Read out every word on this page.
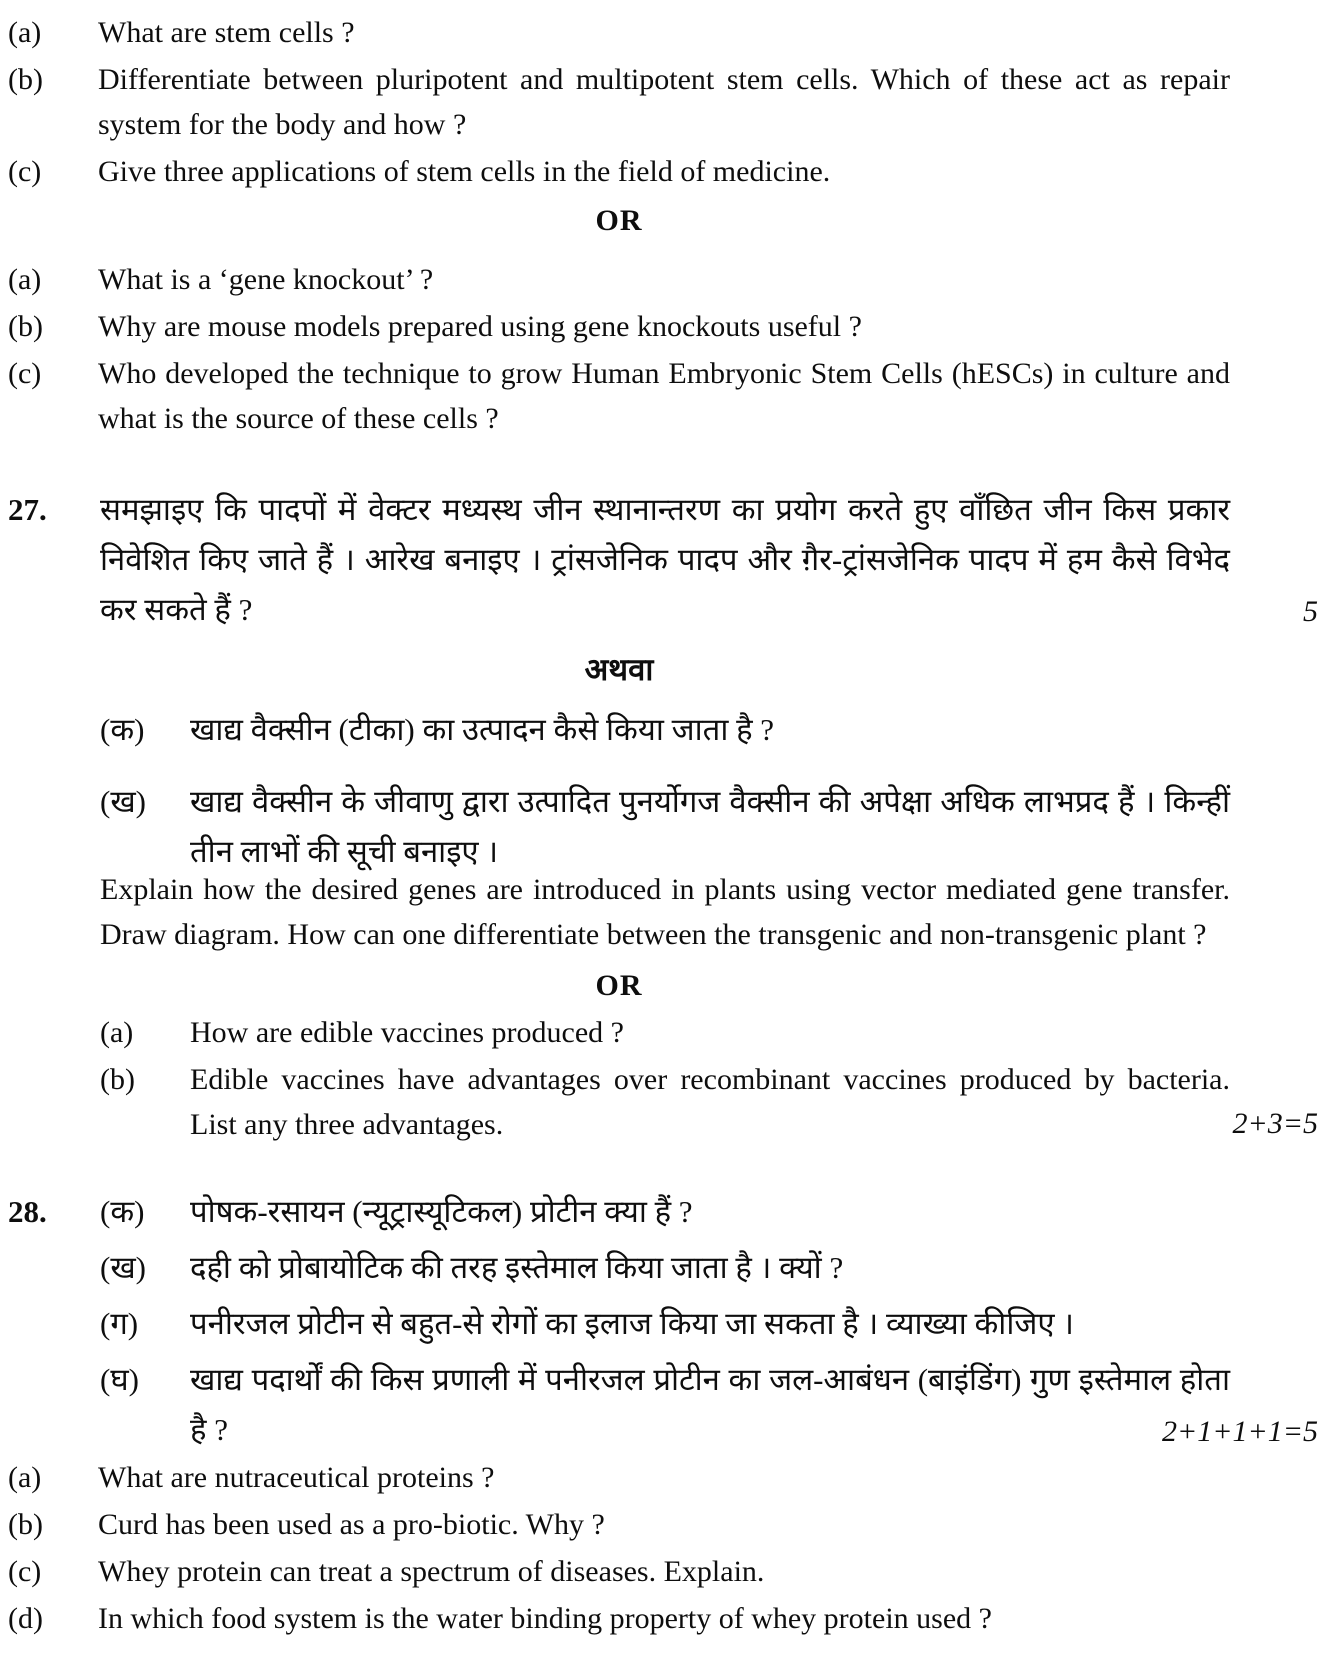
(a)	What are stem cells ?
(b)	Differentiate between pluripotent and multipotent stem cells. Which of these act as repair system for the body and how ?
(c)	Give three applications of stem cells in the field of medicine.
OR
(a)	What is a ‘gene knockout’ ?
(b)	Why are mouse models prepared using gene knockouts useful ?
(c)	Who developed the technique to grow Human Embryonic Stem Cells (hESCs) in culture and what is the source of these cells ?
27.	समझाइए कि पादपों में वेक्टर मध्यस्थ जीन स्थानान्तरण का प्रयोग करते हुए वाँछित जीन किस प्रकार निवेशित किए जाते हैं । आरेख बनाइए । ट्रांसजेनिक पादप और ग़ैर-ट्रांसजेनिक पादप में हम कैसे विभेद कर सकते हैं ?	5
अथवा
(क)	खाद्य वैक्सीन (टीका) का उत्पादन कैसे किया जाता है ?
(ख)	खाद्य वैक्सीन के जीवाणु द्वारा उत्पादित पुनर्योगज वैक्सीन की अपेक्षा अधिक लाभप्रद हैं । किन्हीं तीन लाभों की सूची बनाइए ।
Explain how the desired genes are introduced in plants using vector mediated gene transfer. Draw diagram. How can one differentiate between the transgenic and non-transgenic plant ?
OR
(a)	How are edible vaccines produced ?
(b)	Edible vaccines have advantages over recombinant vaccines produced by bacteria. List any three advantages.	2+3=5
28.	(क)	पोषक-रसायन (न्यूट्रास्यूटिकल) प्रोटीन क्या हैं ?
(ख)	दही को प्रोबायोटिक की तरह इस्तेमाल किया जाता है । क्यों ?
(ग)	पनीरजल प्रोटीन से बहुत-से रोगों का इलाज किया जा सकता है । व्याख्या कीजिए ।
(घ)	खाद्य पदार्थों की किस प्रणाली में पनीरजल प्रोटीन का जल-आबंधन (बाइंडिंग) गुण इस्तेमाल होता है ?	2+1+1+1=5
(a)	What are nutraceutical proteins ?
(b)	Curd has been used as a pro-biotic. Why ?
(c)	Whey protein can treat a spectrum of diseases. Explain.
(d)	In which food system is the water binding property of whey protein used ?
